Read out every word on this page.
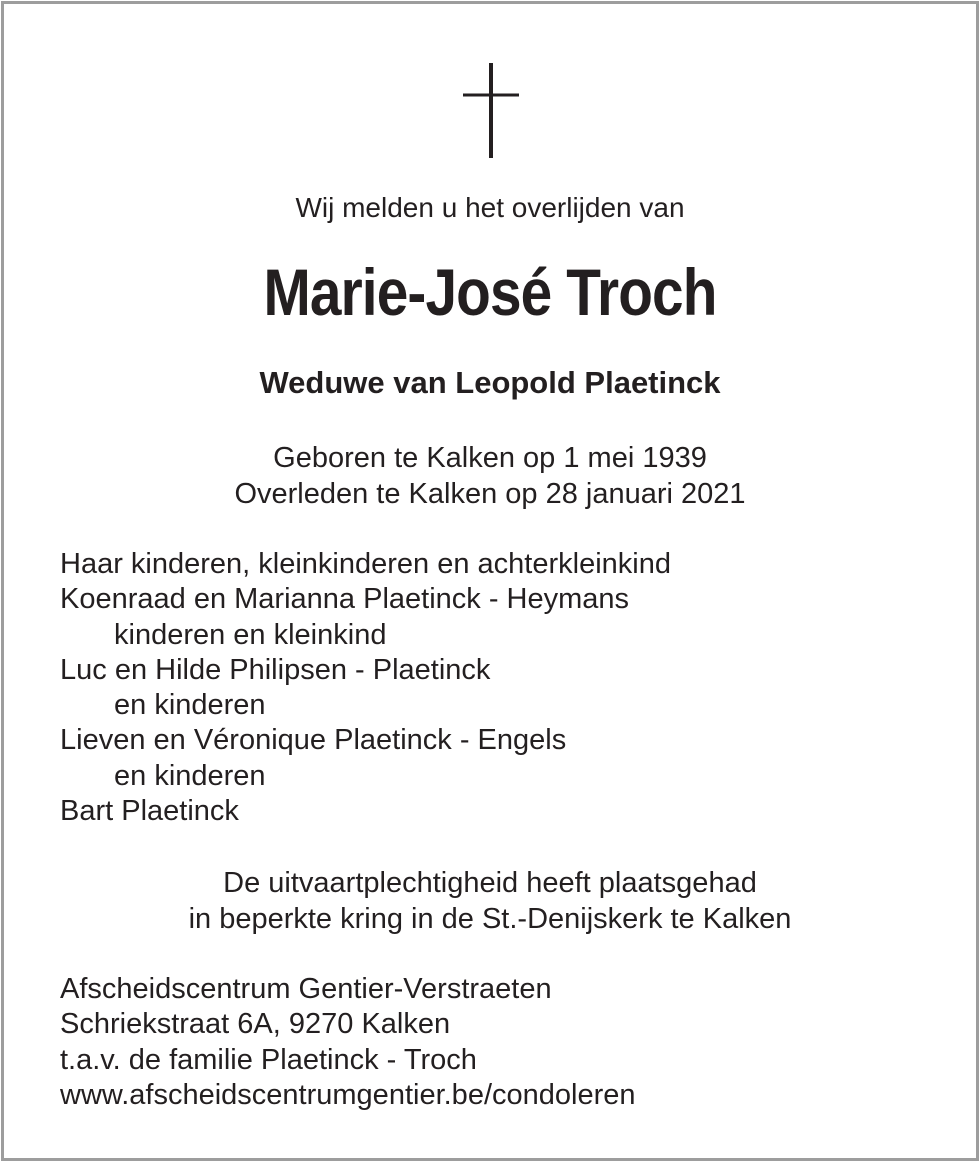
Wij melden u het overlijden van
Marie-José Troch
Weduwe van Leopold Plaetinck
Geboren te Kalken op 1 mei 1939
Overleden te Kalken op 28 januari 2021
Haar kinderen, kleinkinderen en achterkleinkind
Koenraad en Marianna Plaetinck - Heymans
kinderen en kleinkind
Luc en Hilde Philipsen - Plaetinck
en kinderen
Lieven en Véronique Plaetinck - Engels
en kinderen
Bart Plaetinck
De uitvaartplechtigheid heeft plaatsgehad
in beperkte kring in de St.-Denijskerk te Kalken
Afscheidscentrum Gentier-Verstraeten
Schriekstraat 6A, 9270 Kalken
t.a.v. de familie Plaetinck - Troch
www.afscheidscentrumgentier.be/condoleren
